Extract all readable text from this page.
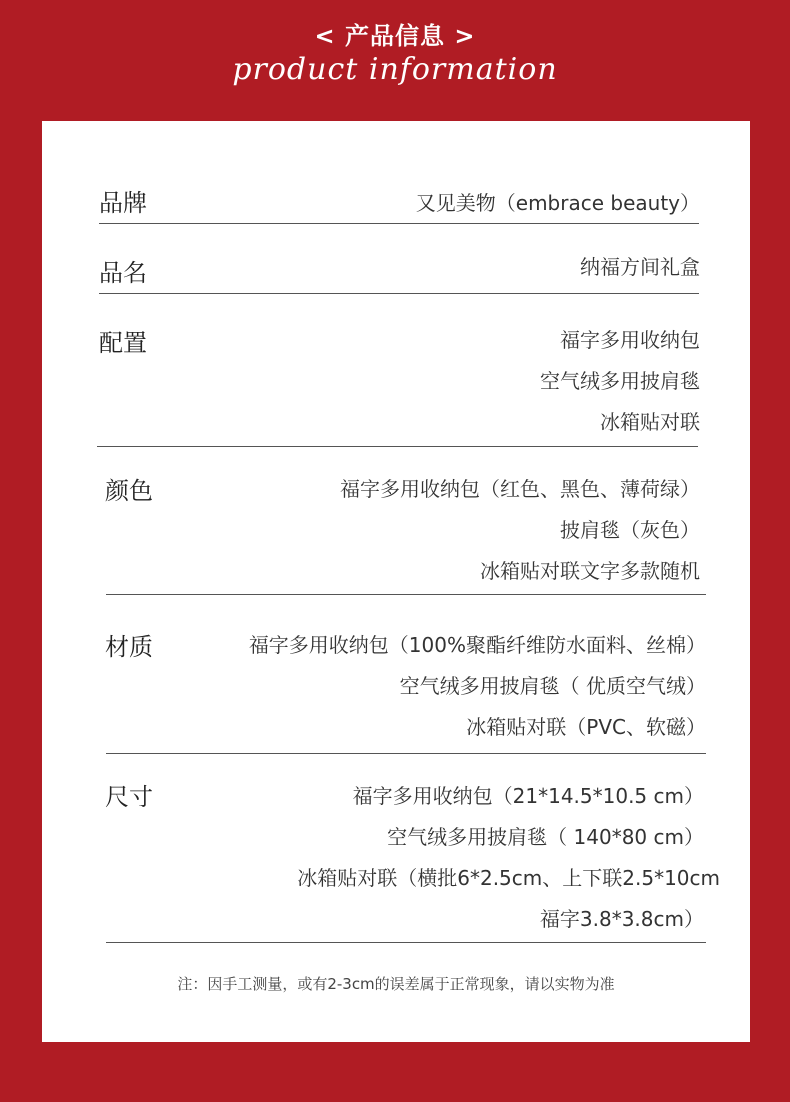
< 产品信息 >
product information
品牌	又见美物（embrace beauty）
品名	纳福方间礼盒
配置	福字多用收纳包
空气绒多用披肩毯
冰箱贴对联
颜色	福字多用收纳包（红色、黑色、薄荷绿）
披肩毯（灰色）
冰箱贴对联文字多款随机
材质	福字多用收纳包（100%聚酯纤维防水面料、丝棉）
空气绒多用披肩毯（ 优质空气绒）
冰箱贴对联（PVC、软磁）
尺寸	福字多用收纳包（21*14.5*10.5 cm）
空气绒多用披肩毯（ 140*80 cm）
冰箱贴对联（横批6*2.5cm、上下联2.5*10cm
福字3.8*3.8cm）
注：因手工测量，或有2-3cm的误差属于正常现象，请以实物为准
